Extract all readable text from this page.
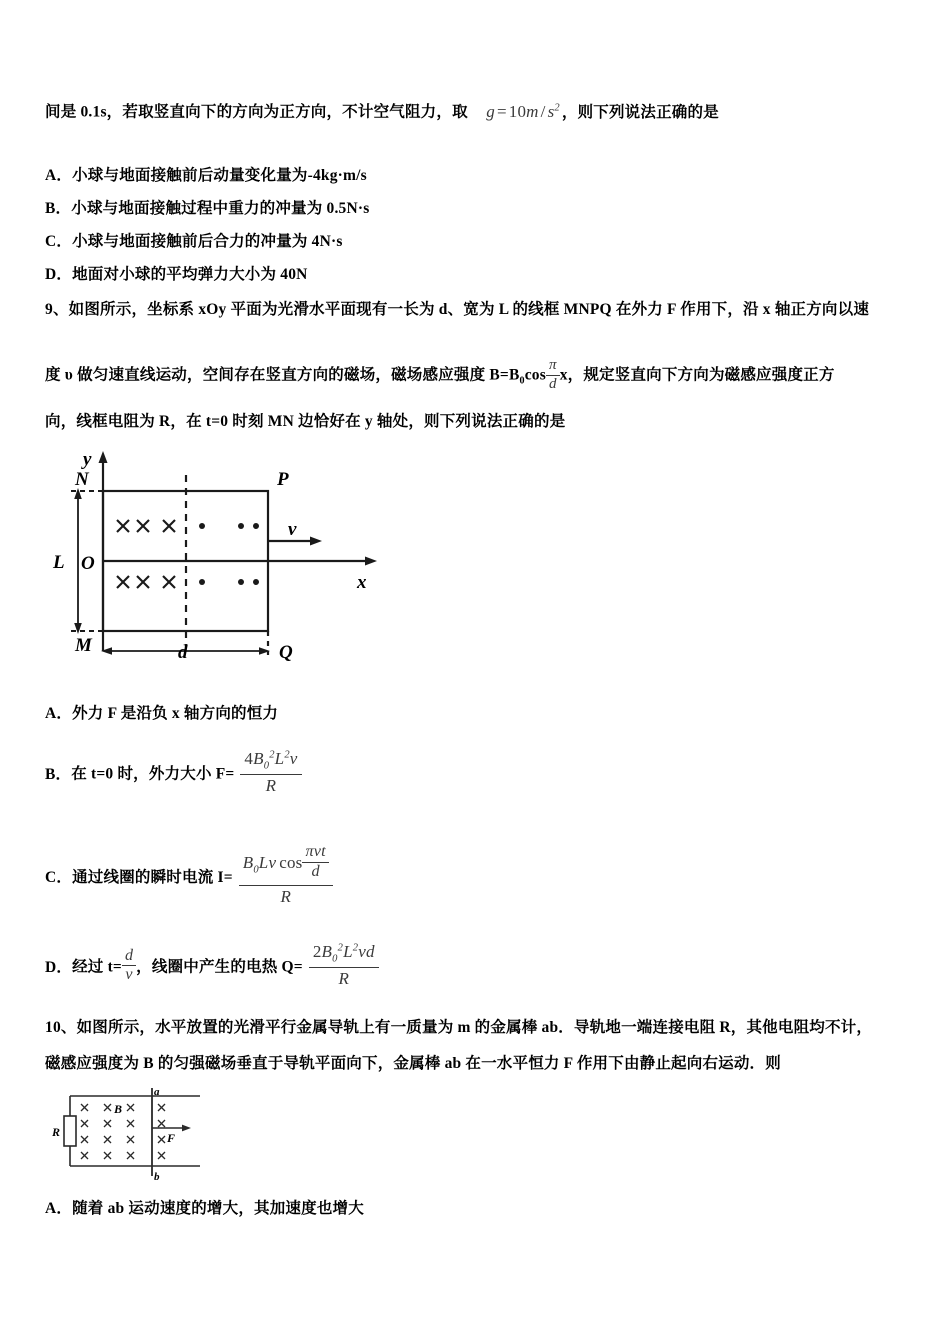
间是 0.1s，若取竖直向下的方向为正方向，不计空气阻力，取 $g = 10m / s^2$ ，则下列说法正确的是
A．小球与地面接触前后动量变化量为-4kg·m/s
B．小球与地面接触过程中重力的冲量为 0.5N·s
C．小球与地面接触前后合力的冲量为 4N·s
D．地面对小球的平均弹力大小为 40N
9、如图所示，坐标系 xOy 平面为光滑水平面现有一长为 d、宽为 L 的线框 MNPQ 在外力 F 作用下，沿 x 轴正方向以速
度 υ 做匀速直线运动，空间存在竖直方向的磁场，磁场感应强度 $B=B_0\cos \frac{\pi}{d}$ x，规定竖直向下方向为磁感应强度正方
向，线框电阻为 R，在 t=0 时刻 MN 边恰好在 y 轴处，则下列说法正确的是
y
x
O
N	P
M	Q
L
d
v
A．外力 F 是沿负 x 轴方向的恒力
B．在 t=0 时，外力大小 $F= \frac{4B_0^2L^2v}{R}$
C．通过线圈的瞬时电流 $I= \frac{B_0Lv \cos \frac{\text{πvt}}{d}}{R}$
D．经过 $t= \frac{d}{v}$ ，线圈中产生的电热 $Q= \frac{2B_0^2L^2vd}{R}$
10、如图所示，水平放置的光滑平行金属导轨上有一质量为 m 的金属棒 ab．导轨地一端连接电阻 R，其他电阻均不计，
磁感应强度为 B 的匀强磁场垂直于导轨平面向下，金属棒 ab 在一水平恒力 F 作用下由静止起向右运动．则
R
B
F
a
b
A．随着 ab 运动速度的增大，其加速度也增大
